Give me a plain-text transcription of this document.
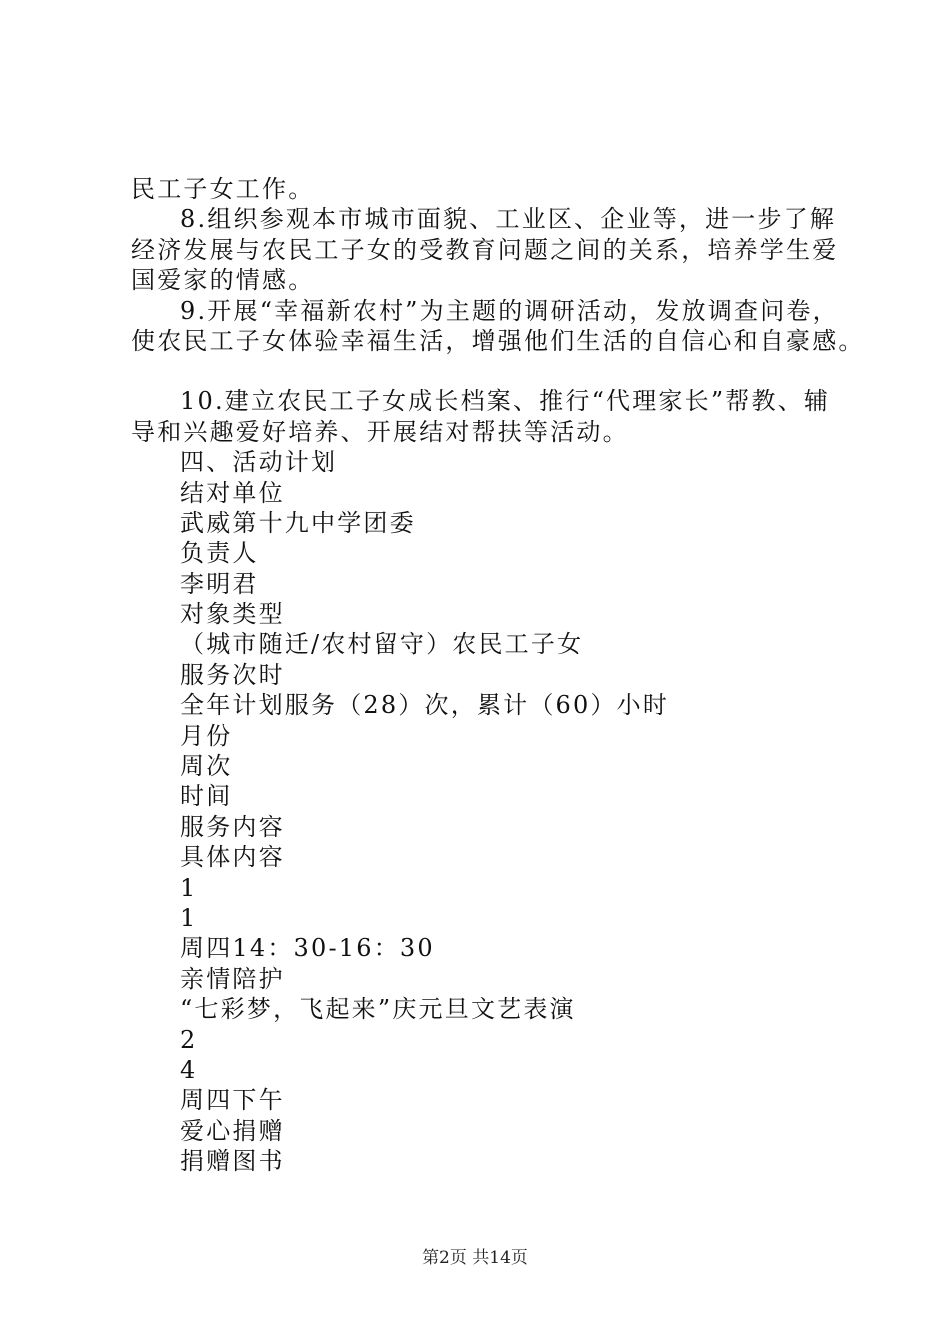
民工子女工作。
8.组织参观本市城市面貌、工业区、企业等，进一步了解
经济发展与农民工子女的受教育问题之间的关系，培养学生爱
国爱家的情感。
9.开展“幸福新农村”为主题的调研活动，发放调查问卷，
使农民工子女体验幸福生活，增强他们生活的自信心和自豪感。
10.建立农民工子女成长档案、推行“代理家长”帮教、辅
导和兴趣爱好培养、开展结对帮扶等活动。
四、活动计划
结对单位
武威第十九中学团委
负责人
李明君
对象类型
（城市随迁/农村留守）农民工子女
服务次时
全年计划服务（28）次，累计（60）小时
月份
周次
时间
服务内容
具体内容
1
1
周四14：30-16：30
亲情陪护
“七彩梦，飞起来”庆元旦文艺表演
2
4
周四下午
爱心捐赠
捐赠图书
第2页 共14页
